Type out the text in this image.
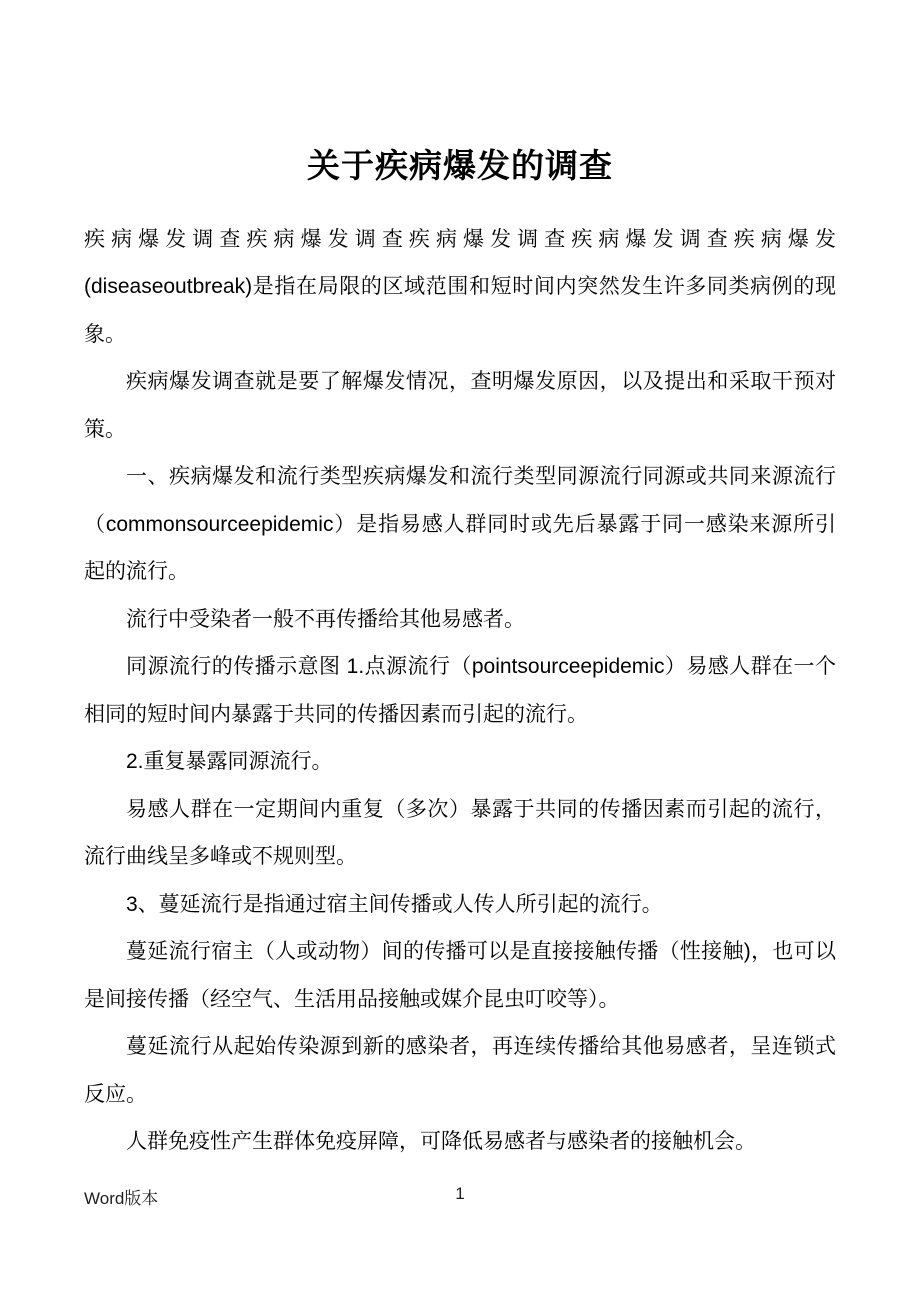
关于疾病爆发的调查

疾病爆发调查疾病爆发调查疾病爆发调查疾病爆发调查疾病爆发(diseaseoutbreak)是指在局限的区域范围和短时间内突然发生许多同类病例的现象。

疾病爆发调查就是要了解爆发情况，查明爆发原因，以及提出和采取干预对策。

一、疾病爆发和流行类型疾病爆发和流行类型同源流行同源或共同来源流行（commonsourceepidemic）是指易感人群同时或先后暴露于同一感染来源所引起的流行。

流行中受染者一般不再传播给其他易感者。

同源流行的传播示意图 1.点源流行（pointsourceepidemic）易感人群在一个相同的短时间内暴露于共同的传播因素而引起的流行。

2.重复暴露同源流行。

易感人群在一定期间内重复（多次）暴露于共同的传播因素而引起的流行，流行曲线呈多峰或不规则型。

3、蔓延流行是指通过宿主间传播或人传人所引起的流行。

蔓延流行宿主（人或动物）间的传播可以是直接接触传播（性接触)，也可以是间接传播（经空气、生活用品接触或媒介昆虫叮咬等）。

蔓延流行从起始传染源到新的感染者，再连续传播给其他易感者，呈连锁式反应。

人群免疫性产生群体免疫屏障，可降低易感者与感染者的接触机会。

Word版本	1
